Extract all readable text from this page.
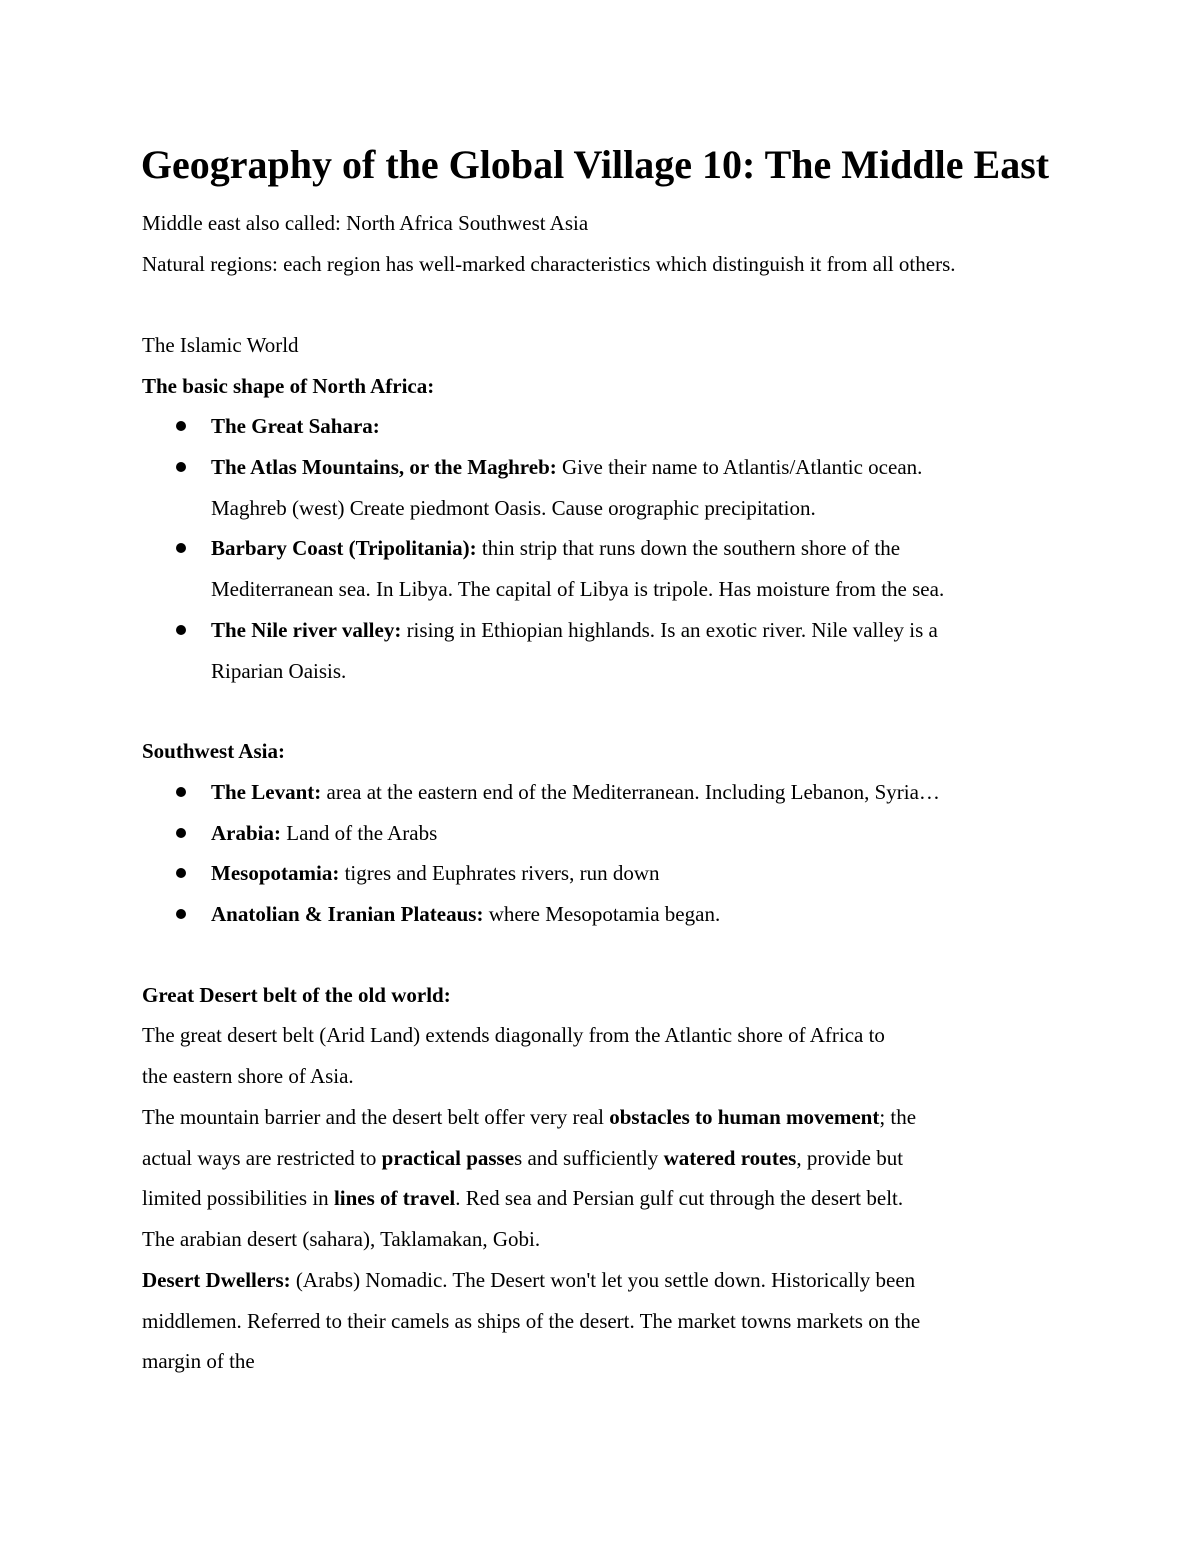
Geography of the Global Village 10: The Middle East
Middle east also called: North Africa Southwest Asia
Natural regions: each region has well-marked characteristics which distinguish it from all others.
The Islamic World
The basic shape of North Africa:
The Great Sahara:
The Atlas Mountains, or the Maghreb: Give their name to Atlantis/Atlantic ocean.
Maghreb (west) Create piedmont Oasis. Cause orographic precipitation.
Barbary Coast (Tripolitania): thin strip that runs down the southern shore of the
Mediterranean sea. In Libya. The capital of Libya is tripole. Has moisture from the sea.
The Nile river valley: rising in Ethiopian highlands. Is an exotic river. Nile valley is a
Riparian Oaisis.
Southwest Asia:
The Levant: area at the eastern end of the Mediterranean. Including Lebanon, Syria…
Arabia: Land of the Arabs
Mesopotamia: tigres and Euphrates rivers, run down
Anatolian & Iranian Plateaus: where Mesopotamia began.
Great Desert belt of the old world:
The great desert belt (Arid Land) extends diagonally from the Atlantic shore of Africa to
the eastern shore of Asia.
The mountain barrier and the desert belt offer very real obstacles to human movement; the
actual ways are restricted to practical passes and sufficiently watered routes, provide but
limited possibilities in lines of travel. Red sea and Persian gulf cut through the desert belt.
The arabian desert (sahara), Taklamakan, Gobi.
Desert Dwellers: (Arabs) Nomadic. The Desert won't let you settle down. Historically been
middlemen. Referred to their camels as ships of the desert. The market towns markets on the
margin of the
